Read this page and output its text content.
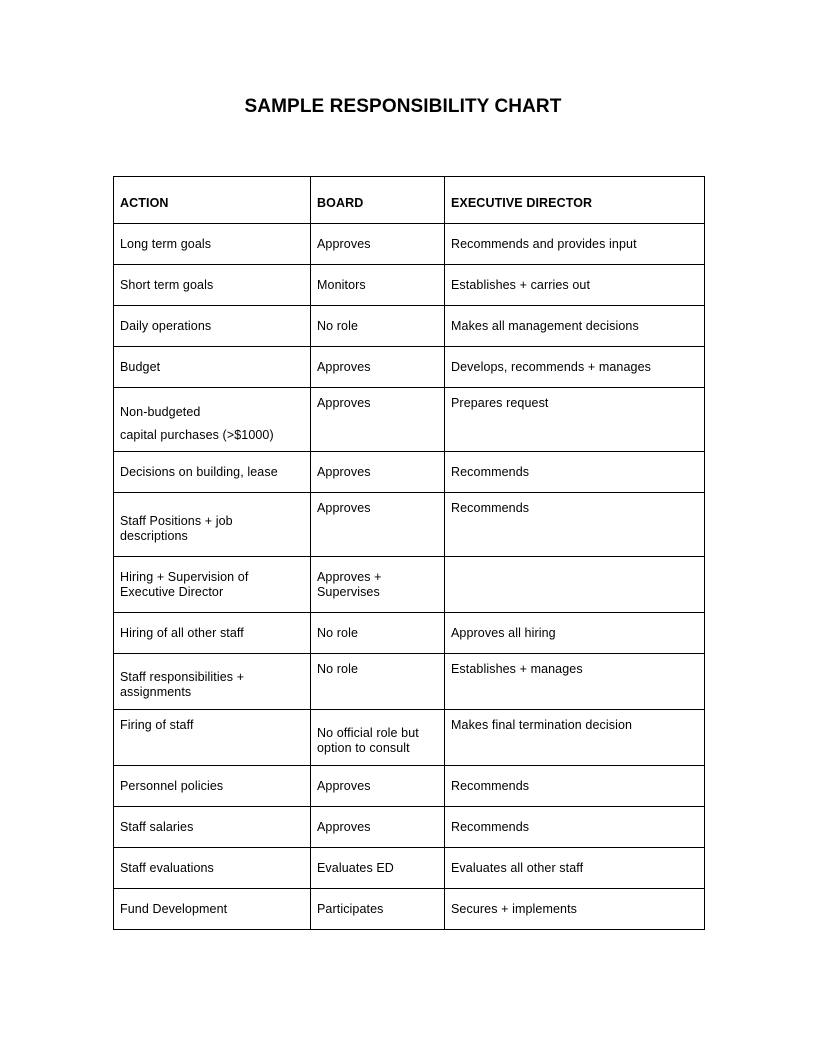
SAMPLE RESPONSIBILITY CHART
ACTION	BOARD	EXECUTIVE DIRECTOR
Long term goals	Approves	Recommends and provides input
Short term goals	Monitors	Establishes + carries out
Daily operations	No role	Makes all management decisions
Budget	Approves	Develops, recommends + manages

Non-budgeted
capital purchases (>$1000)	Approves	Prepares request
Decisions on building, lease	Approves	Recommends
Staff Positions + job descriptions	Approves	Recommends
Hiring + Supervision of Executive Director	Approves + Supervises	
Hiring of all other staff	No role	Approves all hiring
Staff responsibilities + assignments	No role	Establishes + manages
Firing of staff	No official role but option to consult	Makes final termination decision
Personnel policies	Approves	Recommends
Staff salaries	Approves	Recommends
Staff evaluations	Evaluates ED	Evaluates all other staff
Fund Development	Participates	Secures + implements
